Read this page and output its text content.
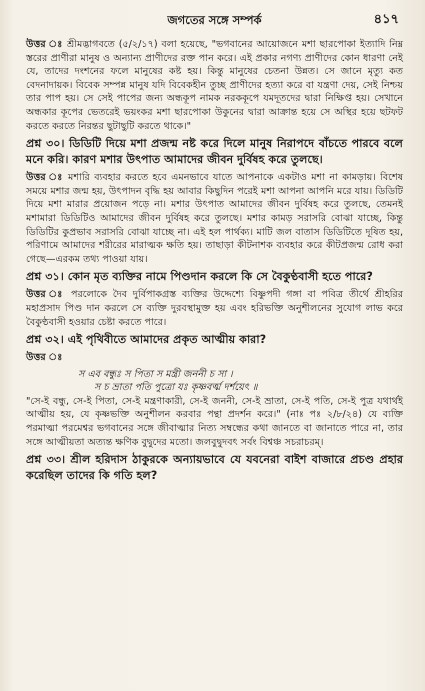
জগতের সঙ্গে সম্পর্ক	৪১৭

উত্তর ঃ শ্রীমদ্ভাগবতে (৫/২/১৭) বলা হয়েছে, "ভগবানের আয়োজনে মশা ছারপোকা ইত্যাদি নিম্ন স্তরের প্রাণীরা মানুষ ও অন্যান্য প্রাণীদের রক্ত পান করে। এই প্রকার নগণ্য প্রাণীদের কোন ধারণা নেই যে, তাদের দংশনের ফলে মানুষের কষ্ট হয়। কিন্তু মানুষের চেতনা উন্নত। সে জানে মৃত্যু কত বেদনাদায়ক। বিবেক সম্পন্ন মানুষ যদি বিবেকহীন তুচ্ছ প্রাণীদের হত্যা করে বা যন্ত্রণা দেয়, সেই নিশ্চয় তার পাপ হয়। সে সেই পাপের জন্য অন্ধকূপ নামক নরককূপে যমদূতদের দ্বারা নিক্ষিপ্ত হয়। সেখানে অন্ধকার কূপের ভেতরেই ভয়ংকর মশা ছারপোকা উকুনের দ্বারা আক্রান্ত হয়ে সে অস্থির হয়ে ছটফট করতে করতে নিরন্তর ছুটাছুটি করতে থাকে।"

প্রশ্ন ৩০। ডিডিটি দিয়ে মশা প্রজন্ম নষ্ট করে দিলে মানুষ নিরাপদে বাঁচতে পারবে বলে মনে করি। কারণ মশার উৎপাত আমাদের জীবন দুর্বিষহ করে তুলছে।

উত্তর ঃ মশারি ব্যবহার করতে হবে এমনভাবে যাতে আপনাকে একটাও মশা না কামড়ায়। বিশেষ সময়ে মশার জন্ম হয়, উৎপাদন বৃদ্ধি হয় আবার কিছুদিন পরেই মশা আপনা আপনি মরে যায়। ডিডিটি দিয়ে মশা মারার প্রয়োজন পড়ে না। মশার উৎপাত আমাদের জীবন দুর্বিষহ করে তুলছে, তেমনই মশামারা ডিডিটিও আমাদের জীবন দুর্বিষহ করে তুলছে। মশার কামড় সরাসরি বোঝা যাচ্ছে, কিন্তু ডিডিটির কুপ্রভাব সরাসরি বোঝা যাচ্ছে না। এই হল পার্থক্য। মাটি জল বাতাস ডিডিটিতে দূষিত হয়, পরিণামে আমাদের শরীরের মারাত্মক ক্ষতি হয়। তাছাড়া কীটনাশক ব্যবহার করে কীটপ্রজন্ম রোধ করা গেছে—এরকম তথ্য পাওয়া যায়।

প্রশ্ন ৩১। কোন মৃত ব্যক্তির নামে পিণ্ডদান করলে কি সে বৈকুণ্ঠবাসী হতে পারে?

উত্তর ঃ পরলোকে দৈব দুর্বিপাকগ্রস্ত ব্যক্তির উদ্দেশ্যে বিষ্ণুপদী গঙ্গা বা পবিত্র তীর্থে শ্রীহরির মহাপ্রসাদ পিণ্ড দান করলে সে ব্যক্তি দুরবস্থামুক্ত হয় এবং হরিভক্তি অনুশীলনের সুযোগ লাভ করে বৈকুণ্ঠবাসী হওয়ার চেষ্টা করতে পারে।

প্রশ্ন ৩২। এই পৃথিবীতে আমাদের প্রকৃত আত্মীয় কারা?

উত্তর ঃ

স এব বন্ধুঃ স পিতা স মন্ত্রী জননী চ সা ।

স চ ভ্রাতা পতি পুত্রো যঃ কৃষ্ণবর্ত্ম দর্শয়েৎ ॥

"সে-ই বন্ধু, সে-ই পিতা, সে-ই মন্ত্রণাকারী, সে-ই জননী, সে-ই ভ্রাতা, সে-ই পতি, সে-ই পুত্র যথার্থই আত্মীয় হয়, যে কৃষ্ণভক্তি অনুশীলন করবার পন্থা প্রদর্শন করে।" (নাঃ পঃ ২/৮/২৪) যে ব্যক্তি পরমাত্মা পরমেশ্বর ভগবানের সঙ্গে জীবাত্মার নিত্য সম্বন্ধের কথা জানতে বা জানাতে পারে না, তার সঙ্গে আত্মীয়তা অত্যন্ত ক্ষণিক বুদ্বুদের মতো। জলবুদ্বুদবৎ সর্বং বিশ্বঞ্চ সচরাচরম্।

প্রশ্ন ৩৩। শ্রীল হরিদাস ঠাকুরকে অন্যায়ভাবে যে যবনেরা বাইশ বাজারে প্রচণ্ড প্রহার করেছিল তাদের কি গতি হল?
